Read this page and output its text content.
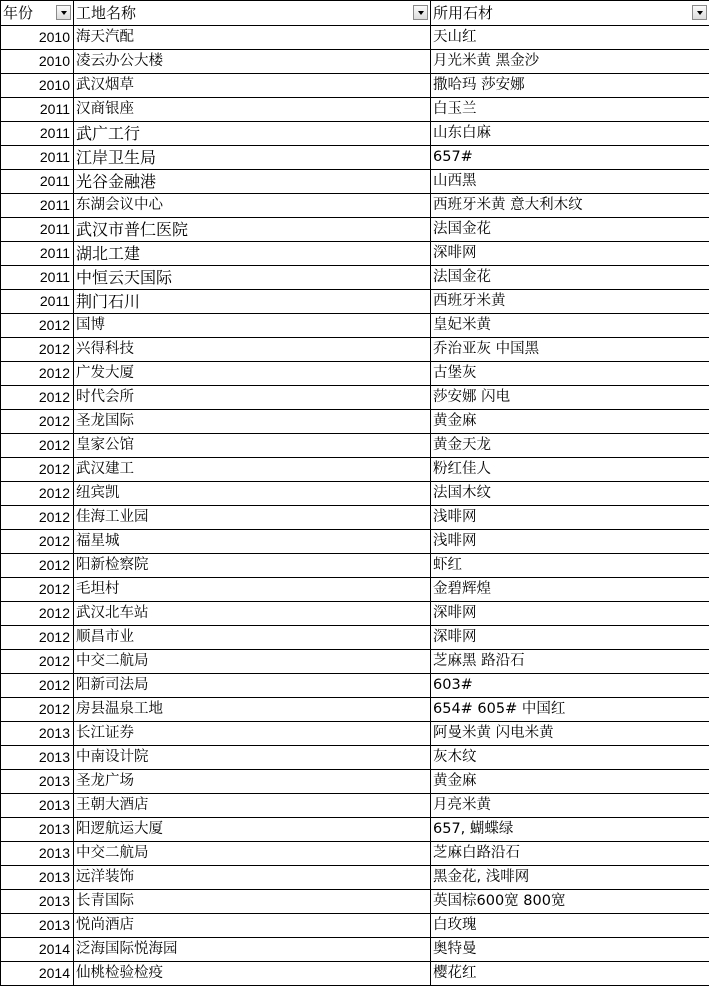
年份	工地名称	所用石材

2010	海天汽配	天山红
2010	凌云办公大楼	月光米黄 黑金沙
2010	武汉烟草	撒哈玛 莎安娜
2011	汉商银座	白玉兰
2011	武广工行	山东白麻
2011	江岸卫生局	657#
2011	光谷金融港	山西黑
2011	东湖会议中心	西班牙米黄 意大利木纹
2011	武汉市普仁医院	法国金花
2011	湖北工建	深啡网
2011	中恒云天国际	法国金花
2011	荆门石川	西班牙米黄
2012	国博	皇妃米黄
2012	兴得科技	乔治亚灰 中国黑
2012	广发大厦	古堡灰
2012	时代会所	莎安娜 闪电
2012	圣龙国际	黄金麻
2012	皇家公馆	黄金天龙
2012	武汉建工	粉红佳人
2012	纽宾凯	法国木纹
2012	佳海工业园	浅啡网
2012	福星城	浅啡网
2012	阳新检察院	虾红
2012	毛坦村	金碧辉煌
2012	武汉北车站	深啡网
2012	顺昌市业	深啡网
2012	中交二航局	芝麻黑 路沿石
2012	阳新司法局	603#
2012	房县温泉工地	654# 605# 中国红
2013	长江证券	阿曼米黄 闪电米黄
2013	中南设计院	灰木纹
2013	圣龙广场	黄金麻
2013	王朝大酒店	月亮米黄
2013	阳逻航运大厦	657, 蝴蝶绿
2013	中交二航局	芝麻白路沿石
2013	远洋装饰	黑金花, 浅啡网
2013	长青国际	英国棕600宽 800宽
2013	悦尚酒店	白玫瑰
2014	泛海国际悦海园	奥特曼
2014	仙桃检验检疫	樱花红
